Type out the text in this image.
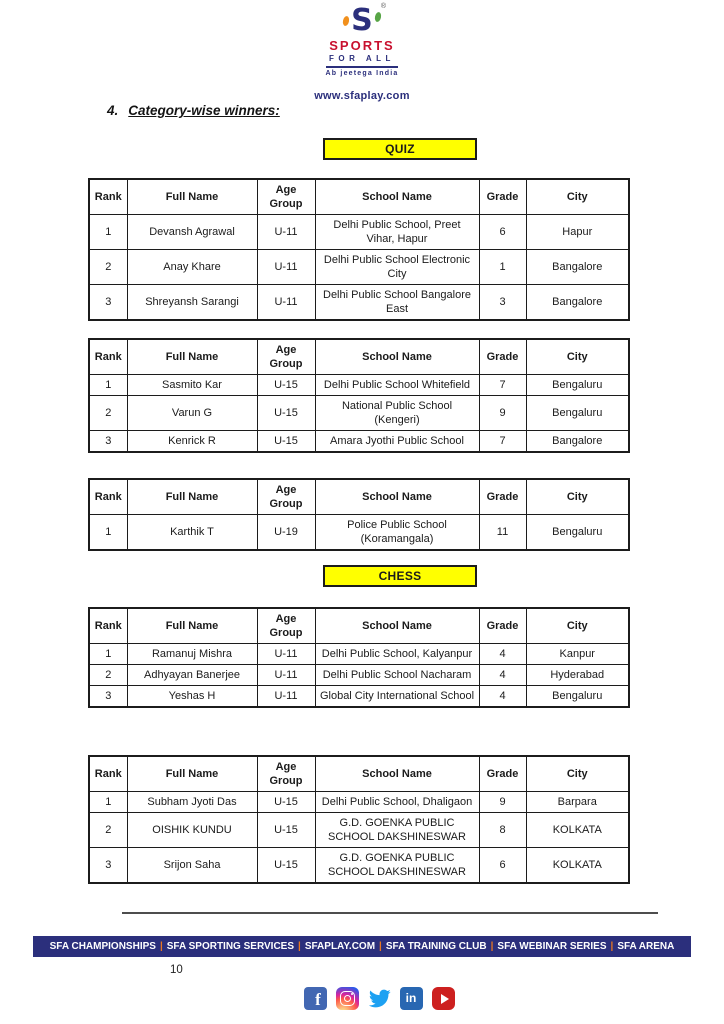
S ®
SPORTS
FOR ALL
Ab jeetega India
www.sfaplay.com
4. Category-wise winners:
QUIZ
Rank	Full Name	Age Group	School Name	Grade	City
1	Devansh Agrawal	U-11	Delhi Public School, Preet Vihar, Hapur	6	Hapur
2	Anay Khare	U-11	Delhi Public School Electronic City	1	Bangalore
3	Shreyansh Sarangi	U-11	Delhi Public School Bangalore East	3	Bangalore
Rank	Full Name	Age Group	School Name	Grade	City
1	Sasmito Kar	U-15	Delhi Public School Whitefield	7	Bengaluru
2	Varun G	U-15	National Public School (Kengeri)	9	Bengaluru
3	Kenrick R	U-15	Amara Jyothi Public School	7	Bangalore
Rank	Full Name	Age Group	School Name	Grade	City
1	Karthik T	U-19	Police Public School (Koramangala)	11	Bengaluru
CHESS
Rank	Full Name	Age Group	School Name	Grade	City
1	Ramanuj Mishra	U-11	Delhi Public School, Kalyanpur	4	Kanpur
2	Adhyayan Banerjee	U-11	Delhi Public School Nacharam	4	Hyderabad
3	Yeshas H	U-11	Global City International School	4	Bengaluru
Rank	Full Name	Age Group	School Name	Grade	City
1	Subham Jyoti Das	U-15	Delhi Public School, Dhaligaon	9	Barpara
2	OISHIK KUNDU	U-15	G.D. GOENKA PUBLIC SCHOOL DAKSHINESWAR	8	KOLKATA
3	Srijon Saha	U-15	G.D. GOENKA PUBLIC SCHOOL DAKSHINESWAR	6	KOLKATA
SFA CHAMPIONSHIPS | SFA SPORTING SERVICES | SFAPLAY.COM | SFA TRAINING CLUB | SFA WEBINAR SERIES | SFA ARENA
10
f
in
